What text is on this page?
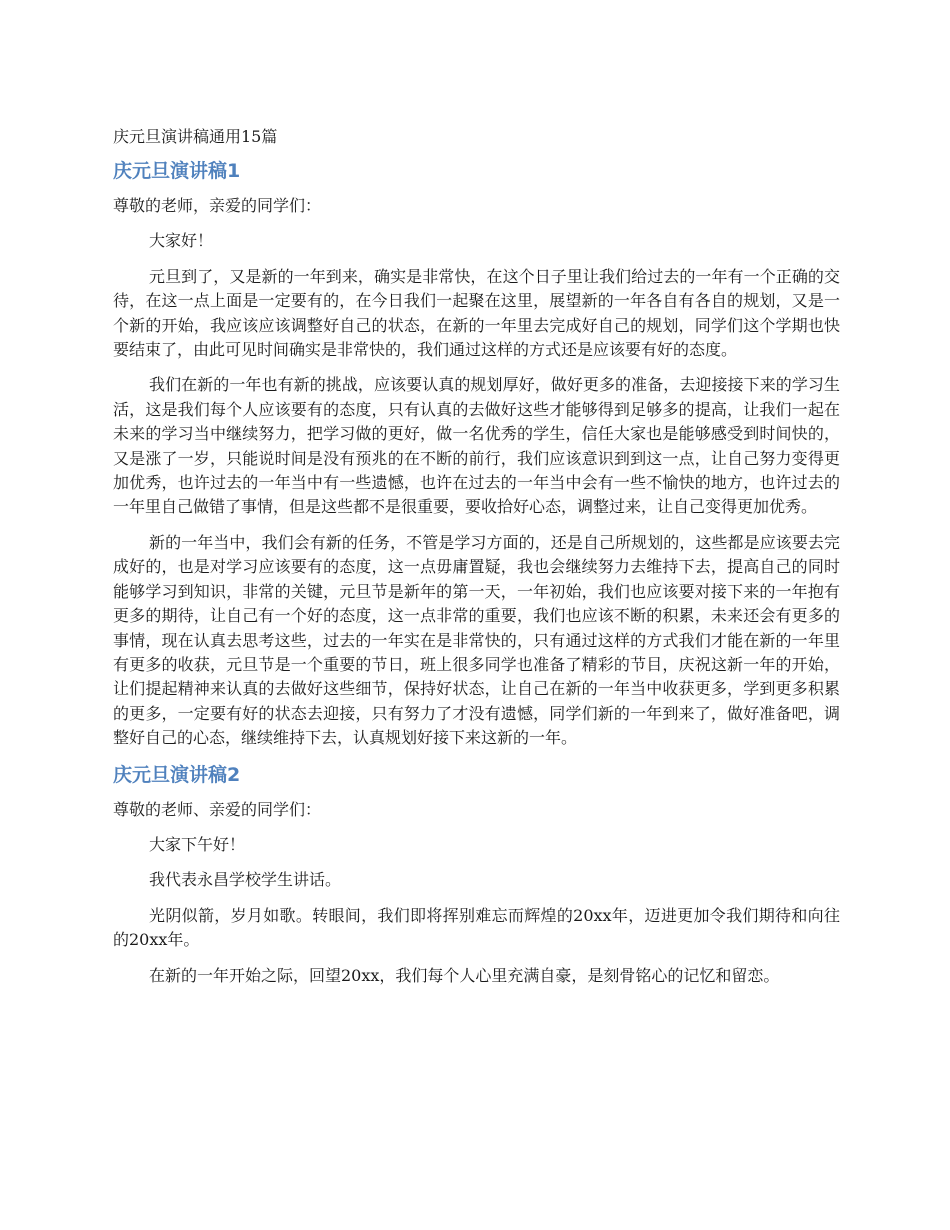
庆元旦演讲稿通用15篇
庆元旦演讲稿1

尊敬的老师，亲爱的同学们：

大家好！

元旦到了，又是新的一年到来，确实是非常快，在这个日子里让我们给过去的一年有一个正确的交待，在这一点上面是一定要有的，在今日我们一起聚在这里，展望新的一年各自有各自的规划，又是一个新的开始，我应该应该调整好自己的状态，在新的一年里去完成好自己的规划，同学们这个学期也快要结束了，由此可见时间确实是非常快的，我们通过这样的方式还是应该要有好的态度。

我们在新的一年也有新的挑战，应该要认真的规划厚好，做好更多的准备，去迎接接下来的学习生活，这是我们每个人应该要有的态度，只有认真的去做好这些才能够得到足够多的提高，让我们一起在未来的学习当中继续努力，把学习做的更好，做一名优秀的学生，信任大家也是能够感受到时间快的，又是涨了一岁，只能说时间是没有预兆的在不断的前行，我们应该意识到到这一点，让自己努力变得更加优秀，也许过去的一年当中有一些遗憾，也许在过去的一年当中会有一些不愉快的地方，也许过去的一年里自己做错了事情，但是这些都不是很重要，要收拾好心态，调整过来，让自己变得更加优秀。

新的一年当中，我们会有新的任务，不管是学习方面的，还是自己所规划的，这些都是应该要去完成好的，也是对学习应该要有的态度，这一点毋庸置疑，我也会继续努力去维持下去，提高自己的同时能够学习到知识，非常的关键，元旦节是新年的第一天，一年初始，我们也应该要对接下来的一年抱有更多的期待，让自己有一个好的态度，这一点非常的重要，我们也应该不断的积累，未来还会有更多的事情，现在认真去思考这些，过去的一年实在是非常快的，只有通过这样的方式我们才能在新的一年里有更多的收获，元旦节是一个重要的节日，班上很多同学也准备了精彩的节目，庆祝这新一年的开始，让们提起精神来认真的去做好这些细节，保持好状态，让自己在新的一年当中收获更多，学到更多积累的更多，一定要有好的状态去迎接，只有努力了才没有遗憾，同学们新的一年到来了，做好准备吧，调整好自己的心态，继续维持下去，认真规划好接下来这新的一年。

庆元旦演讲稿2

尊敬的老师、亲爱的同学们：

大家下午好！

我代表永昌学校学生讲话。

光阴似箭，岁月如歌。转眼间，我们即将挥别难忘而辉煌的20xx年，迈进更加令我们期待和向往的20xx年。

在新的一年开始之际，回望20xx，我们每个人心里充满自豪，是刻骨铭心的记忆和留恋。
